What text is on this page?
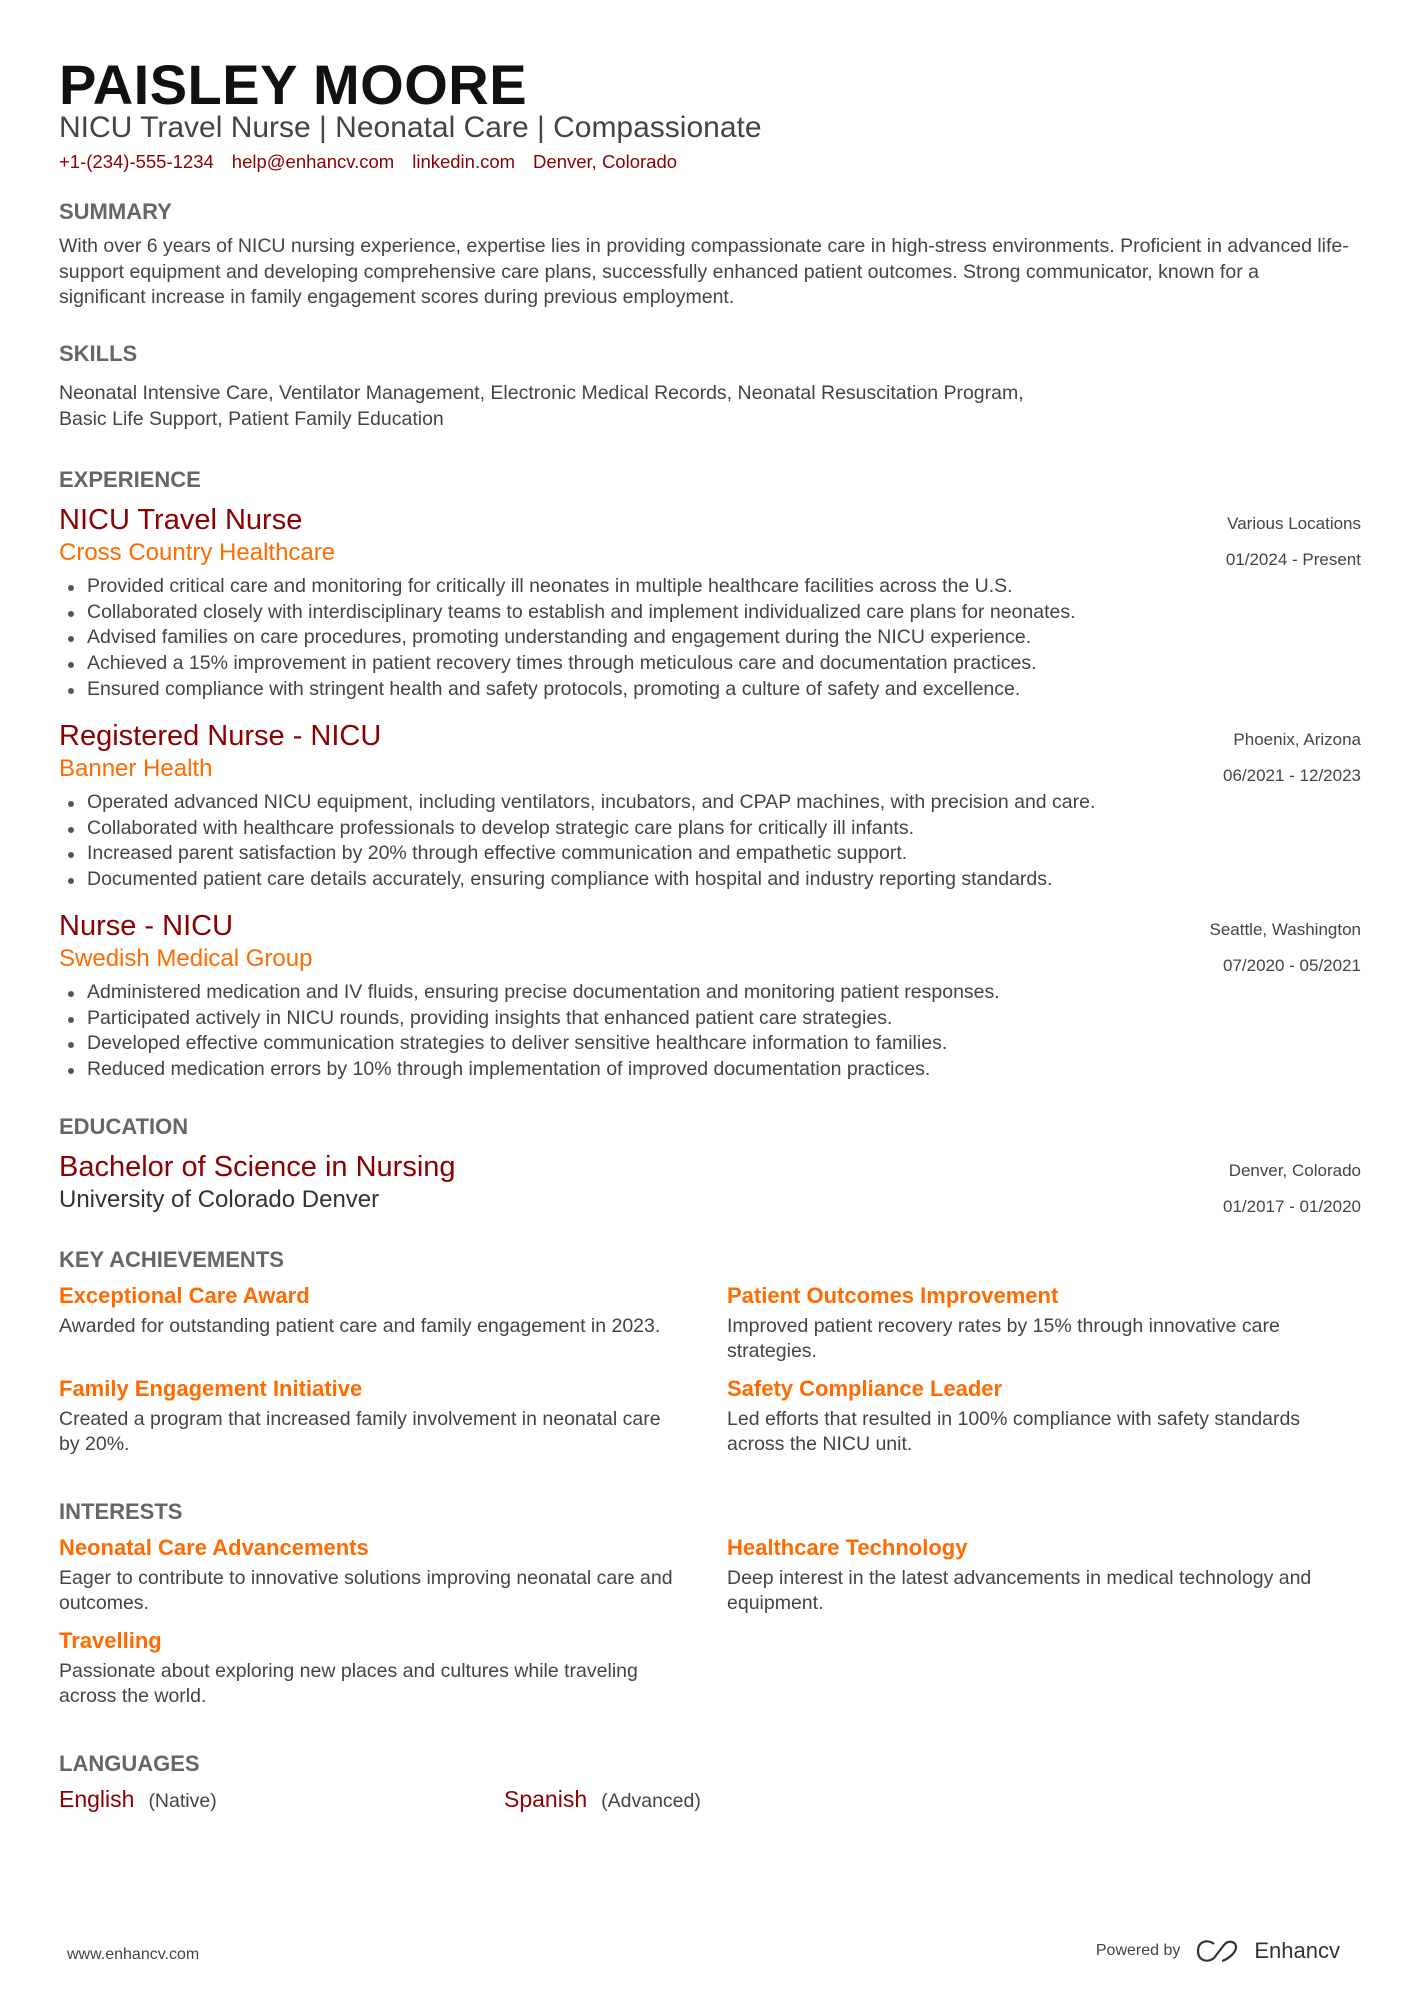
PAISLEY MOORE
NICU Travel Nurse | Neonatal Care | Compassionate
+1-(234)-555-1234 help@enhancv.com linkedin.com Denver, Colorado
SUMMARY
With over 6 years of NICU nursing experience, expertise lies in providing compassionate care in high-stress environments. Proficient in advanced life-support equipment and developing comprehensive care plans, successfully enhanced patient outcomes. Strong communicator, known for a significant increase in family engagement scores during previous employment.
SKILLS
Neonatal Intensive Care, Ventilator Management, Electronic Medical Records, Neonatal Resuscitation Program,
Basic Life Support, Patient Family Education
EXPERIENCE
NICU Travel Nurse
Cross Country Healthcare
Various Locations
01/2024 - Present
Provided critical care and monitoring for critically ill neonates in multiple healthcare facilities across the U.S.
Collaborated closely with interdisciplinary teams to establish and implement individualized care plans for neonates.
Advised families on care procedures, promoting understanding and engagement during the NICU experience.
Achieved a 15% improvement in patient recovery times through meticulous care and documentation practices.
Ensured compliance with stringent health and safety protocols, promoting a culture of safety and excellence.
Registered Nurse - NICU
Banner Health
Phoenix, Arizona
06/2021 - 12/2023
Operated advanced NICU equipment, including ventilators, incubators, and CPAP machines, with precision and care.
Collaborated with healthcare professionals to develop strategic care plans for critically ill infants.
Increased parent satisfaction by 20% through effective communication and empathetic support.
Documented patient care details accurately, ensuring compliance with hospital and industry reporting standards.
Nurse - NICU
Swedish Medical Group
Seattle, Washington
07/2020 - 05/2021
Administered medication and IV fluids, ensuring precise documentation and monitoring patient responses.
Participated actively in NICU rounds, providing insights that enhanced patient care strategies.
Developed effective communication strategies to deliver sensitive healthcare information to families.
Reduced medication errors by 10% through implementation of improved documentation practices.
EDUCATION
Bachelor of Science in Nursing
University of Colorado Denver
Denver, Colorado
01/2017 - 01/2020
KEY ACHIEVEMENTS
Exceptional Care Award
Awarded for outstanding patient care and family engagement in 2023.
Patient Outcomes Improvement
Improved patient recovery rates by 15% through innovative care strategies.
Family Engagement Initiative
Created a program that increased family involvement in neonatal care by 20%.
Safety Compliance Leader
Led efforts that resulted in 100% compliance with safety standards across the NICU unit.
INTERESTS
Neonatal Care Advancements
Eager to contribute to innovative solutions improving neonatal care and outcomes.
Healthcare Technology
Deep interest in the latest advancements in medical technology and equipment.
Travelling
Passionate about exploring new places and cultures while traveling across the world.
LANGUAGES
English (Native)	Spanish (Advanced)
www.enhancv.com	Powered by	Enhancv
